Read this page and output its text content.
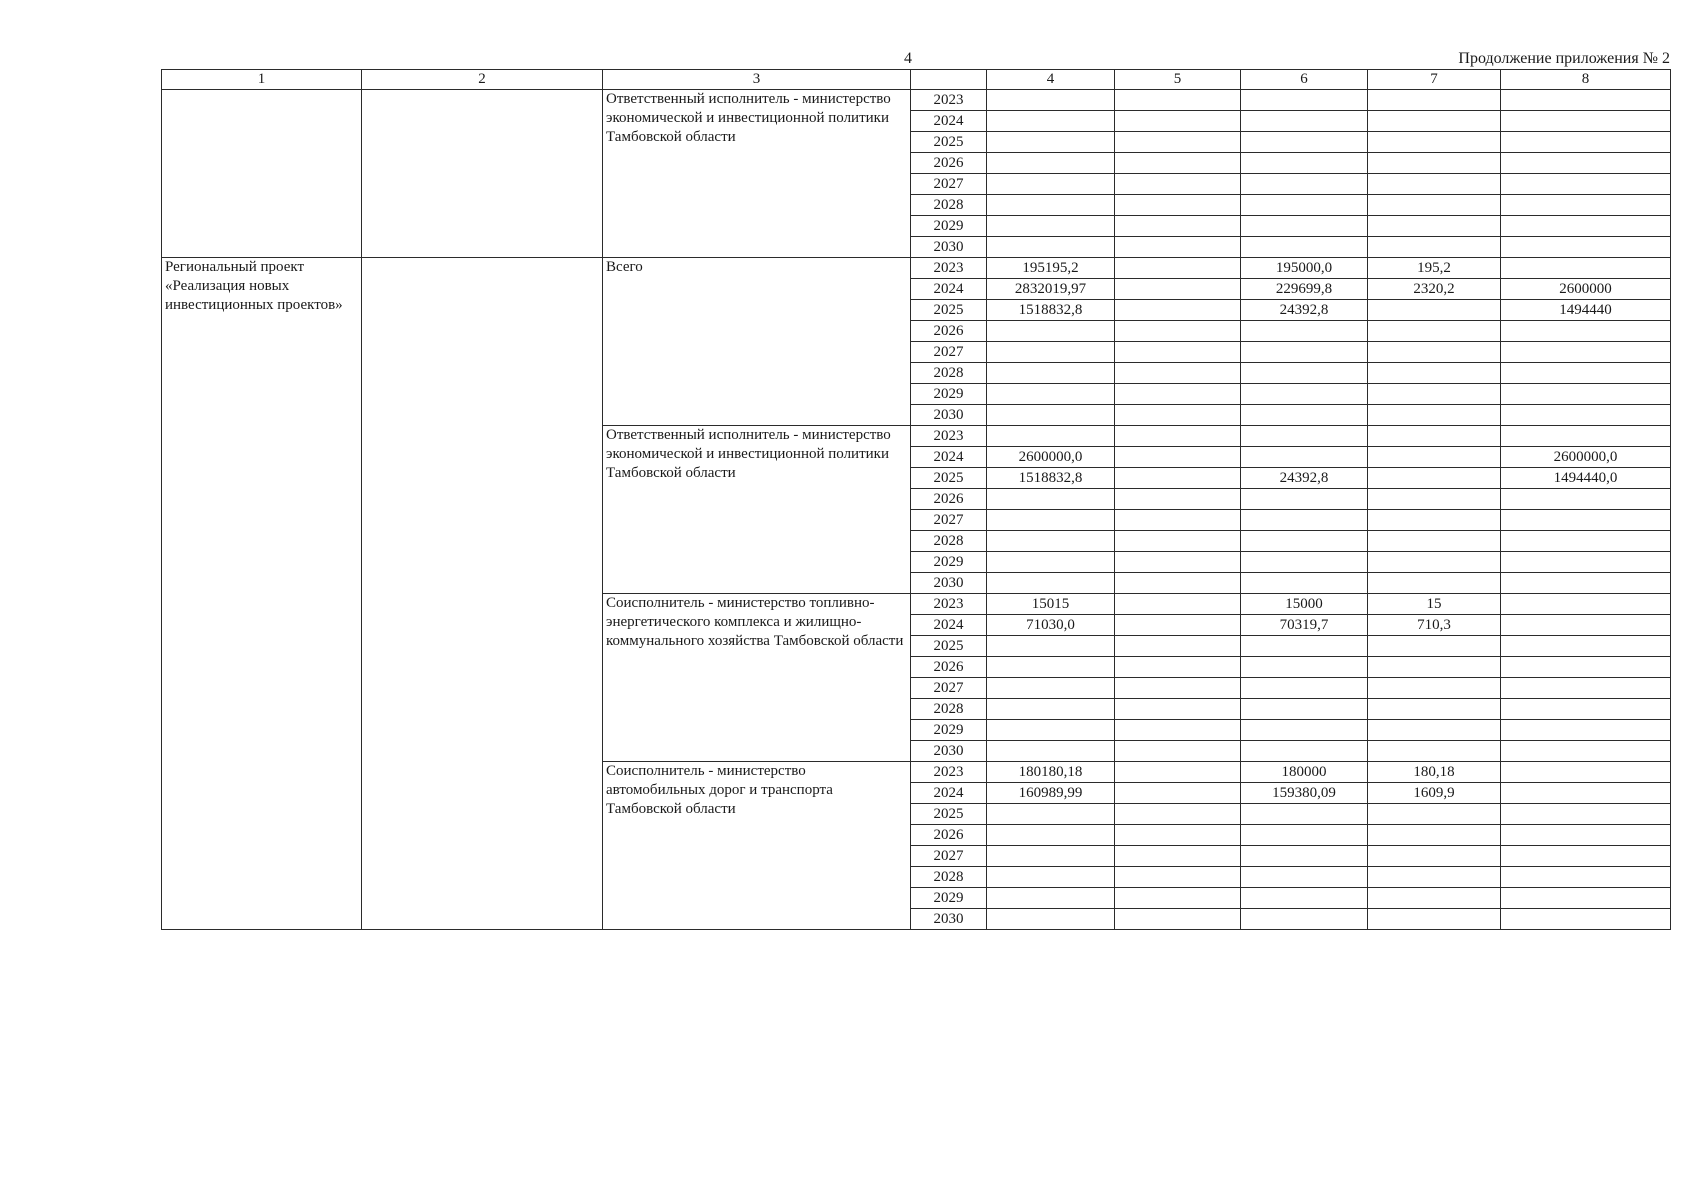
4	Продолжение приложения № 2
1	2	3		4	5	6	7	8
		Ответственный исполнитель - министерство экономической и инвестиционной политики Тамбовской области	2023					
			2024					
			2025					
			2026					
			2027					
			2028					
			2029					
			2030					
Региональный проект «Реализация новых инвестиционных проектов»		Всего	2023	195195,2		195000,0	195,2	
			2024	2832019,97		229699,8	2320,2	2600000
			2025	1518832,8		24392,8		1494440
			2026					
			2027					
			2028					
			2029					
			2030					
		Ответственный исполнитель - министерство экономической и инвестиционной политики Тамбовской области	2023					
			2024	2600000,0				2600000,0
			2025	1518832,8		24392,8		1494440,0
			2026					
			2027					
			2028					
			2029					
			2030					
		Соисполнитель - министерство топливно-энергетического комплекса и жилищно-коммунального хозяйства Тамбовской области	2023	15015		15000	15	
			2024	71030,0		70319,7	710,3	
			2025					
			2026					
			2027					
			2028					
			2029					
			2030					
		Соисполнитель - министерство автомобильных дорог и транспорта Тамбовской области	2023	180180,18		180000	180,18	
			2024	160989,99		159380,09	1609,9	
			2025					
			2026					
			2027					
			2028					
			2029					
			2030					
